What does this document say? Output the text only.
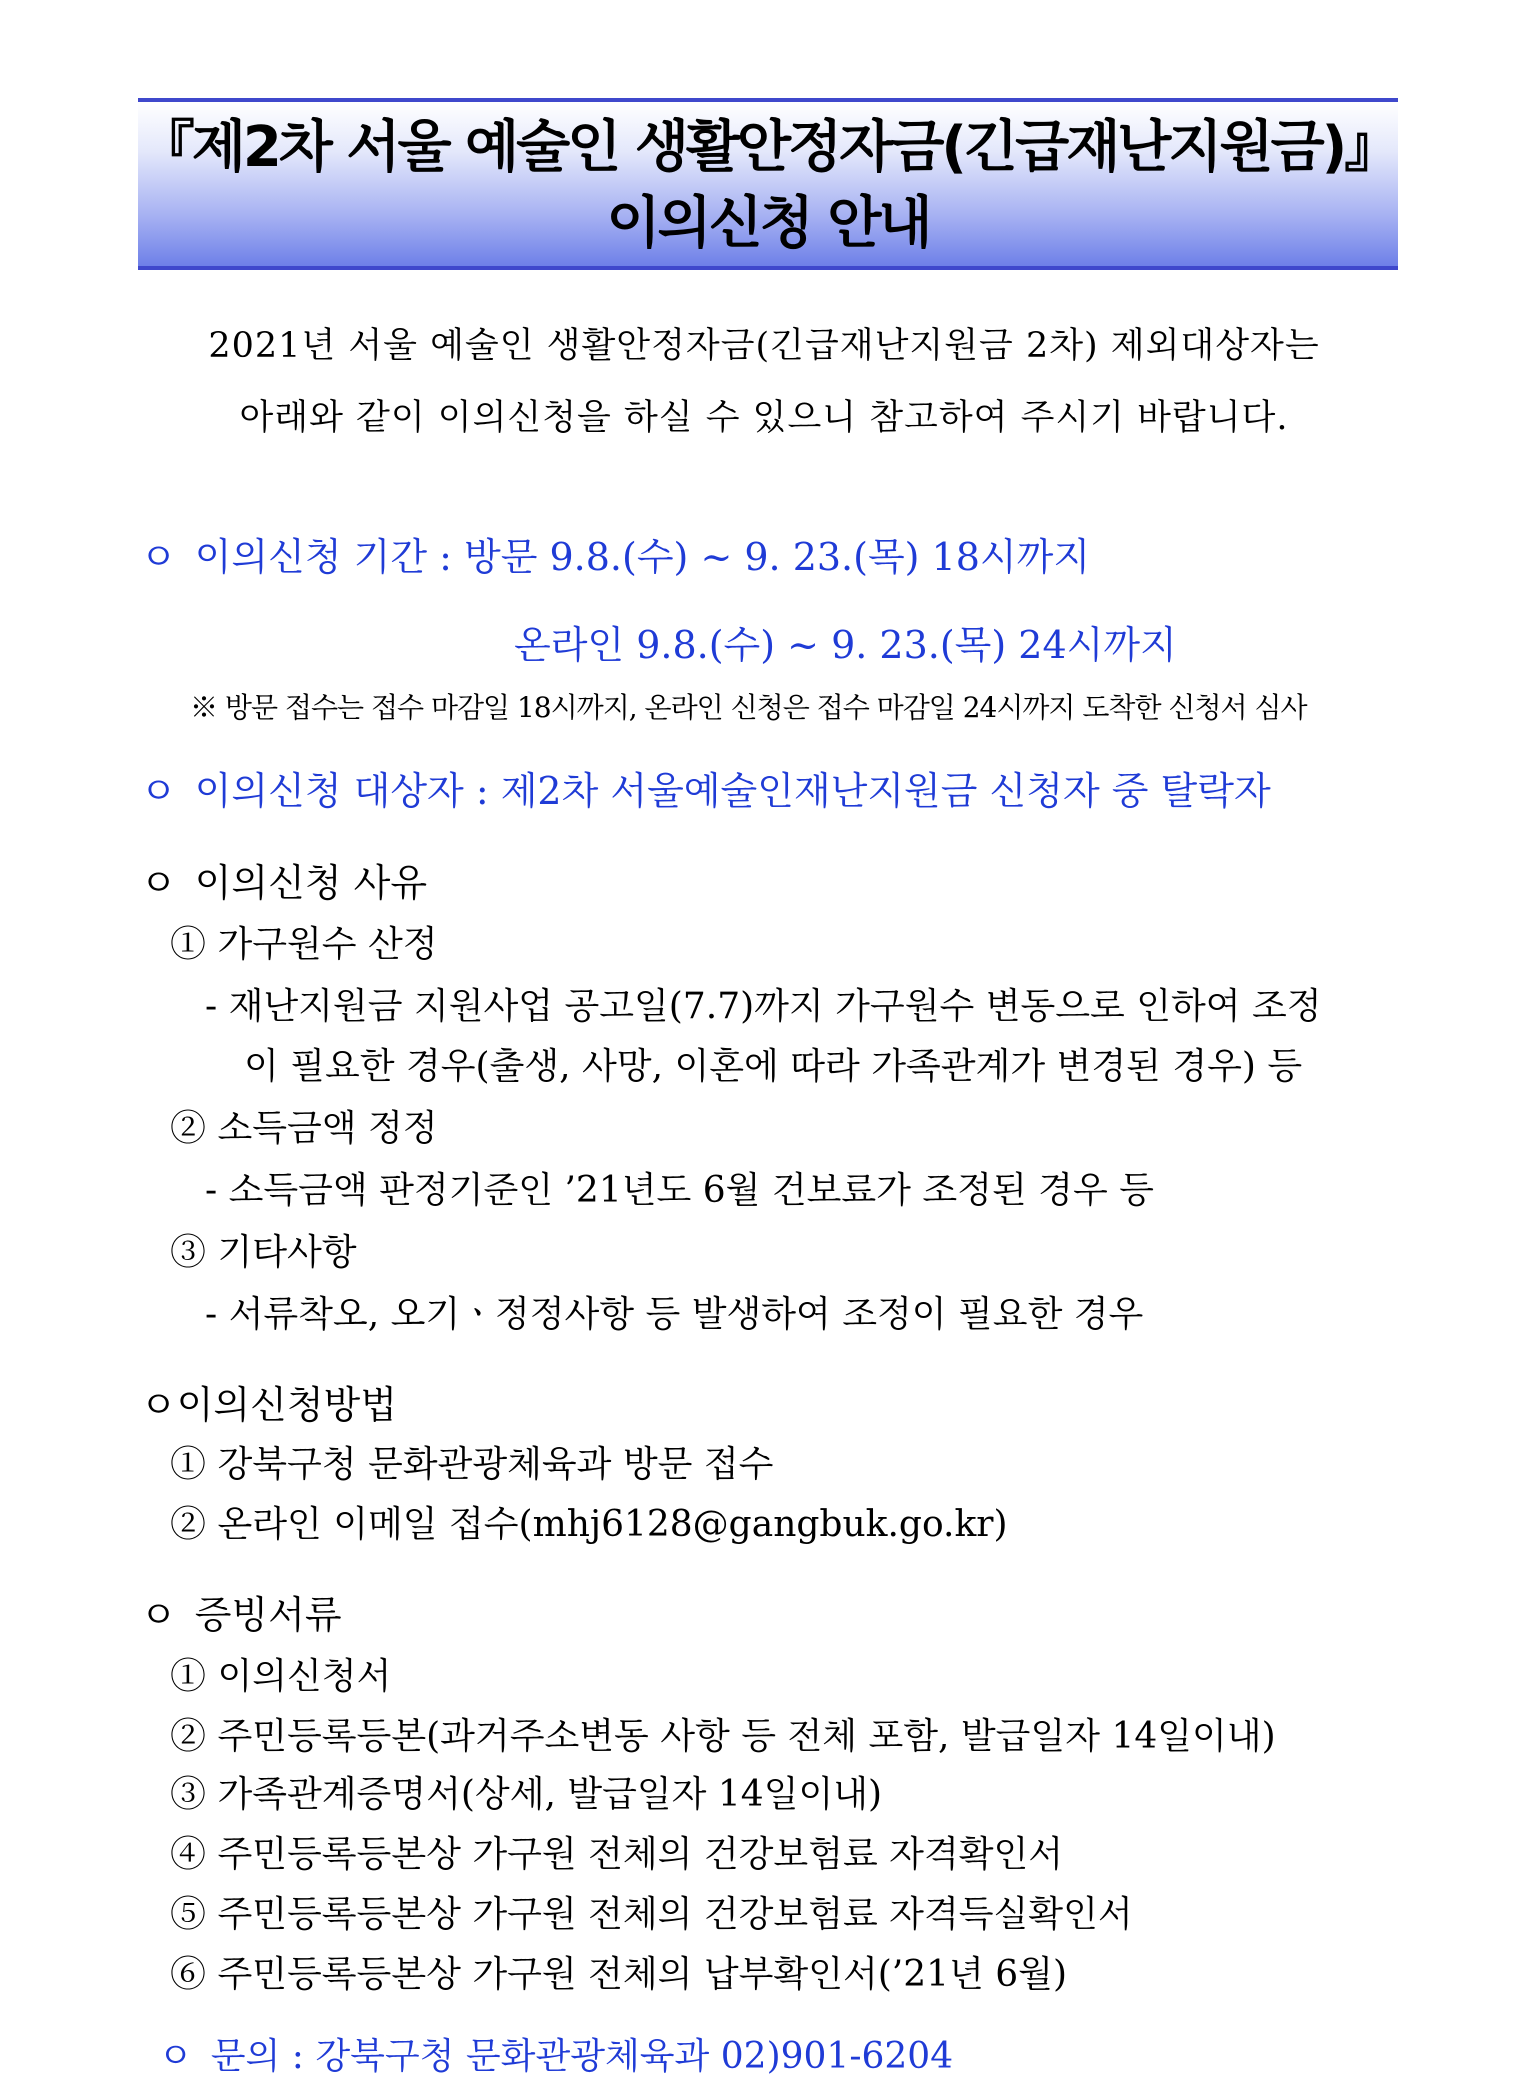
『제2차 서울 예술인 생활안정자금(긴급재난지원금)』
이의신청 안내
2021년 서울 예술인 생활안정자금(긴급재난지원금 2차) 제외대상자는
아래와 같이 이의신청을 하실 수 있으니 참고하여 주시기 바랍니다.
ㅇ 이의신청 기간 : 방문 9.8.(수) ~ 9. 23.(목) 18시까지
온라인 9.8.(수) ~ 9. 23.(목) 24시까지
※ 방문 접수는 접수 마감일 18시까지, 온라인 신청은 접수 마감일 24시까지 도착한 신청서 심사
ㅇ 이의신청 대상자 : 제2차 서울예술인재난지원금 신청자 중 탈락자
ㅇ 이의신청 사유
① 가구원수 산정
- 재난지원금 지원사업 공고일(7.7)까지 가구원수 변동으로 인하여 조정
이 필요한 경우(출생, 사망, 이혼에 따라 가족관계가 변경된 경우) 등
② 소득금액 정정
- 소득금액 판정기준인 ’21년도 6월 건보료가 조정된 경우 등
③ 기타사항
- 서류착오, 오기ㆍ정정사항 등 발생하여 조정이 필요한 경우
ㅇ이의신청방법
① 강북구청 문화관광체육과 방문 접수
② 온라인 이메일 접수(mhj6128@gangbuk.go.kr)
ㅇ 증빙서류
① 이의신청서
② 주민등록등본(과거주소변동 사항 등 전체 포함, 발급일자 14일이내)
③ 가족관계증명서(상세, 발급일자 14일이내)
④ 주민등록등본상 가구원 전체의 건강보험료 자격확인서
⑤ 주민등록등본상 가구원 전체의 건강보험료 자격득실확인서
⑥ 주민등록등본상 가구원 전체의 납부확인서(’21년 6월)
ㅇ 문의 : 강북구청 문화관광체육과 02)901-6204
